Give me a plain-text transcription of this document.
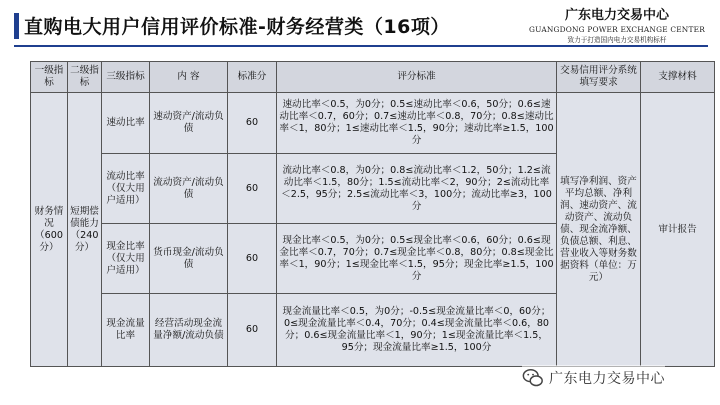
直购电大用户信用评价标准-财务经营类（16项）
广东电力交易中心
GUANGDONG POWER EXCHANGE CENTER
致力于打造国内电力交易机构标杆
一级指标	二级指标	三级指标	内 容	标准分	评分标准	交易信用评分系统填写要求	支撑材料
财务情况（600分）	短期偿债能力（240分）	速动比率	速动资产/流动负债	60	速动比率＜0.5，为0分；0.5≤速动比率＜0.6，50分；0.6≤速动比率＜0.7，60分；0.7≤速动比率＜0.8，70分；0.8≤速动比率＜1，80分；1≤速动比率＜1.5，90分；速动比率≥1.5，100分	填写净利润、资产平均总额、净利润、速动资产、流动资产、流动负债、现金流净额、负债总额、利息、营业收入等财务数据资料（单位：万元）	审计报告
		流动比率（仅大用户适用）	流动资产/流动负债	60	流动比率＜0.8，为0分；0.8≤流动比率＜1.2，50分；1.2≤流动比率＜1.5，80分；1.5≤流动比率＜2，90分；2≤流动比率＜2.5，95分；2.5≤流动比率＜3，100分；流动比率≥3，100分		
		现金比率（仅大用户适用）	货币现金/流动负债	60	现金比率＜0.5，为0分；0.5≤现金比率＜0.6，60分；0.6≤现金比率＜0.7，70分；0.7≤现金比率＜0.8，80分；0.8≤现金比率＜1，90分；1≤现金比率＜1.5，95分；现金比率≥1.5，100分		
		现金流量比率	经营活动现金流量净额/流动负债	60	现金流量比率＜0.5，为0分；-0.5≤现金流量比率＜0，60分；0≤现金流量比率＜0.4，70分；0.4≤现金流量比率＜0.6，80分；0.6≤现金流量比率＜1，90分；1≤现金流量比率＜1.5，95分；现金流量比率≥1.5，100分		
广东电力交易中心
